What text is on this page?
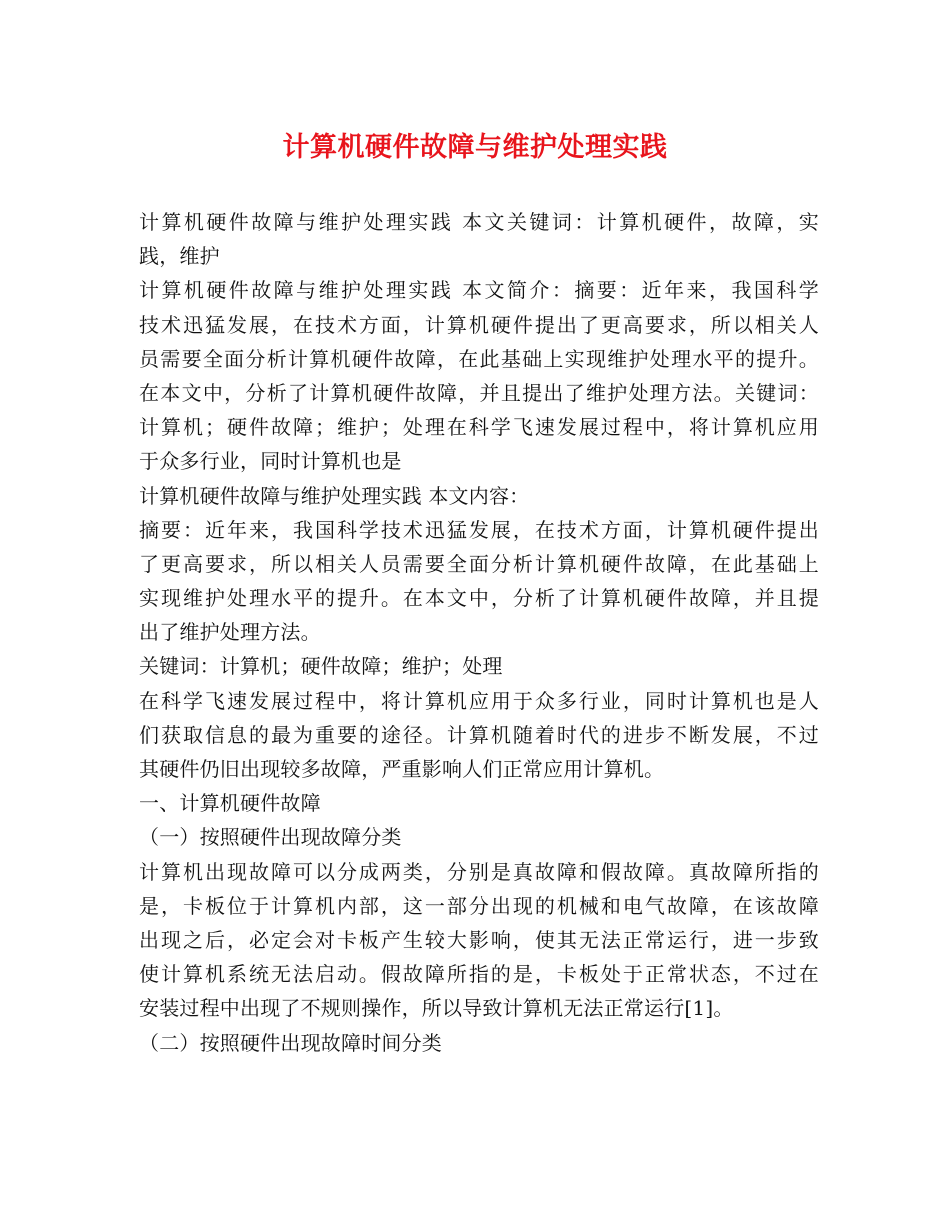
计算机硬件故障与维护处理实践
计算机硬件故障与维护处理实践 本文关键词：计算机硬件，故障，实
践，维护
计算机硬件故障与维护处理实践 本文简介：摘要：近年来，我国科学
技术迅猛发展，在技术方面，计算机硬件提出了更高要求，所以相关人
员需要全面分析计算机硬件故障，在此基础上实现维护处理水平的提升。
在本文中，分析了计算机硬件故障，并且提出了维护处理方法。关键词：
计算机；硬件故障；维护；处理在科学飞速发展过程中，将计算机应用
于众多行业，同时计算机也是
计算机硬件故障与维护处理实践 本文内容：
摘要：近年来，我国科学技术迅猛发展，在技术方面，计算机硬件提出
了更高要求，所以相关人员需要全面分析计算机硬件故障，在此基础上
实现维护处理水平的提升。在本文中，分析了计算机硬件故障，并且提
出了维护处理方法。
关键词：计算机；硬件故障；维护；处理
在科学飞速发展过程中，将计算机应用于众多行业，同时计算机也是人
们获取信息的最为重要的途径。计算机随着时代的进步不断发展，不过
其硬件仍旧出现较多故障，严重影响人们正常应用计算机。
一、计算机硬件故障
（一）按照硬件出现故障分类
计算机出现故障可以分成两类，分别是真故障和假故障。真故障所指的
是，卡板位于计算机内部，这一部分出现的机械和电气故障，在该故障
出现之后，必定会对卡板产生较大影响，使其无法正常运行，进一步致
使计算机系统无法启动。假故障所指的是，卡板处于正常状态，不过在
安装过程中出现了不规则操作，所以导致计算机无法正常运行[1]。
（二）按照硬件出现故障时间分类
